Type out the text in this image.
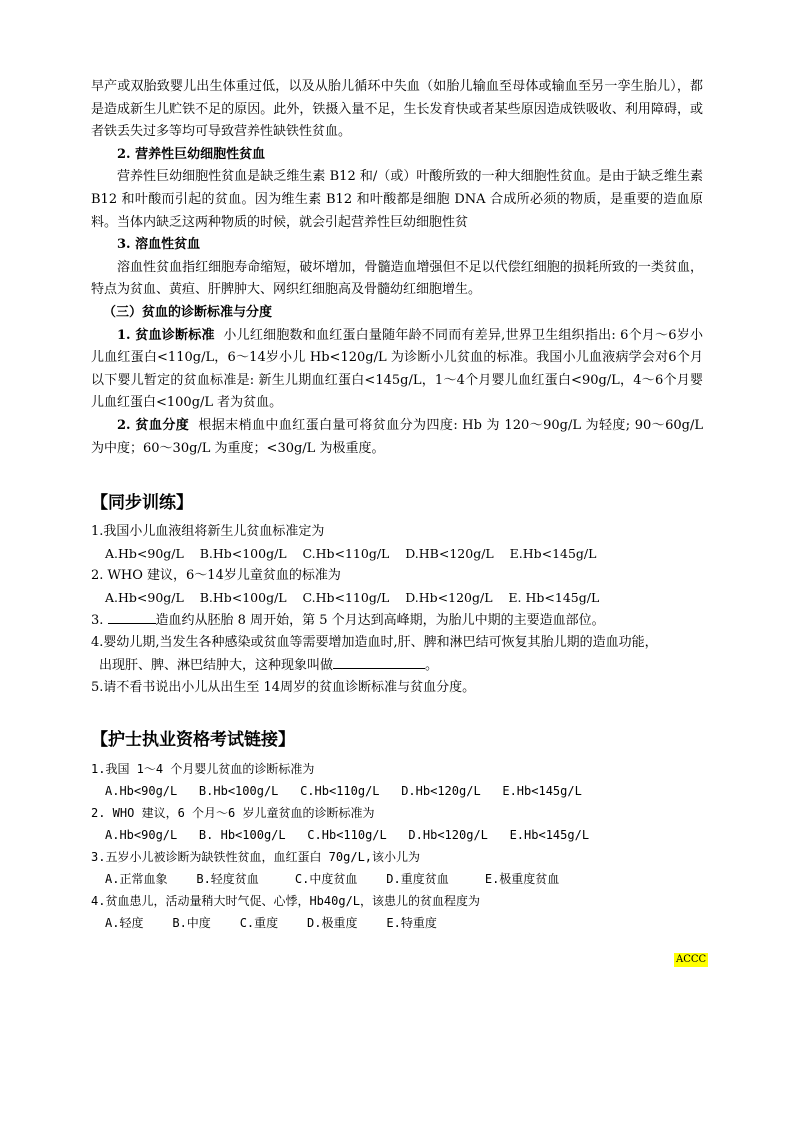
早产或双胎致婴儿出生体重过低，以及从胎儿循环中失血（如胎儿输血至母体或输血至另一孪生胎儿），都是造成新生儿贮铁不足的原因。此外，铁摄入量不足，生长发育快或者某些原因造成铁吸收、利用障碍，或者铁丢失过多等均可导致营养性缺铁性贫血。

2. 营养性巨幼细胞性贫血

营养性巨幼细胞性贫血是缺乏维生素 B12 和/（或）叶酸所致的一种大细胞性贫血。是由于缺乏维生素 B12 和叶酸而引起的贫血。因为维生素 B12 和叶酸都是细胞 DNA 合成所必须的物质，是重要的造血原料。当体内缺乏这两种物质的时候，就会引起营养性巨幼细胞性贫

3. 溶血性贫血

溶血性贫血指红细胞寿命缩短，破坏增加，骨髓造血增强但不足以代偿红细胞的损耗所致的一类贫血，特点为贫血、黄疸、肝脾肿大、网织红细胞高及骨髓幼红细胞增生。

（三）贫血的诊断标准与分度

1. 贫血诊断标准 小儿红细胞数和血红蛋白量随年龄不同而有差异,世界卫生组织指出: 6个月～6岁小儿血红蛋白<110g/L，6～14岁小儿 Hb<120g/L 为诊断小儿贫血的标准。我国小儿血液病学会对6个月以下婴儿暂定的贫血标准是: 新生儿期血红蛋白<145g/L，1～4个月婴儿血红蛋白<90g/L，4～6个月婴儿血红蛋白<100g/L 者为贫血。

2. 贫血分度 根据末梢血中血红蛋白量可将贫血分为四度: Hb 为 120～90g/L 为轻度; 90～60g/L 为中度；60～30g/L 为重度；<30g/L 为极重度。

【同步训练】

1.我国小儿血液组将新生儿贫血标准定为

A.Hb<90g/L    B.Hb<100g/L    C.Hb<110g/L    D.HB<120g/L    E.Hb<145g/L

2. WHO 建议，6～14岁儿童贫血的标准为

A.Hb<90g/L    B.Hb<100g/L    C.Hb<110g/L    D.Hb<120g/L    E. Hb<145g/L

3.	造血约从胚胎 8 周开始，第 5 个月达到高峰期，为胎儿中期的主要造血部位。

4.婴幼儿期,当发生各种感染或贫血等需要增加造血时,肝、脾和淋巴结可恢复其胎儿期的造血功能，

出现肝、脾、淋巴结肿大，这种现象叫做	。

5.请不看书说出小儿从出生至 14周岁的贫血诊断标准与贫血分度。

【护士执业资格考试链接】

1.我国 1～4 个月婴儿贫血的诊断标准为

A.Hb<90g/L   B.Hb<100g/L   C.Hb<110g/L   D.Hb<120g/L   E.Hb<145g/L

2. WHO 建议，6 个月～6 岁儿童贫血的诊断标准为

A.Hb<90g/L   B. Hb<100g/L   C.Hb<110g/L   D.Hb<120g/L   E.Hb<145g/L

3.五岁小儿被诊断为缺铁性贫血，血红蛋白 70g/L,该小儿为

A.正常血象    B.轻度贫血     C.中度贫血    D.重度贫血     E.极重度贫血

4.贫血患儿，活动量稍大时气促、心悸，Hb40g/L，该患儿的贫血程度为

A.轻度    B.中度    C.重度    D.极重度    E.特重度

ACCC
